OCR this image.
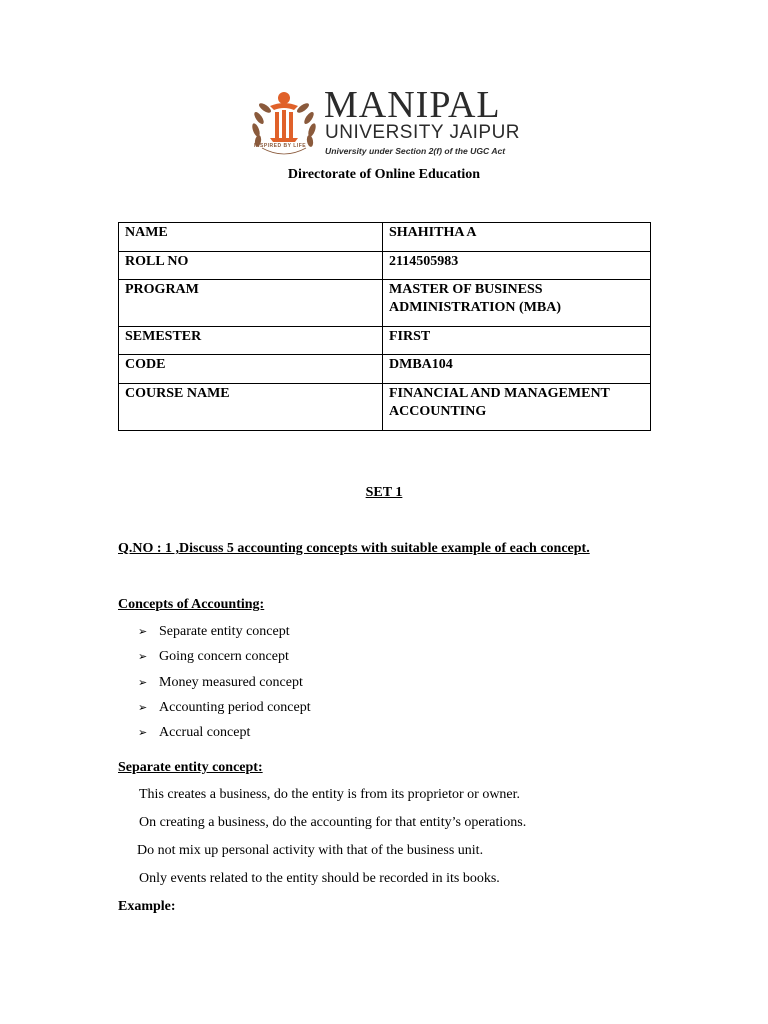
INSPIRED BY LIFE
MANIPAL
UNIVERSITY JAIPUR
University under Section 2(f) of the UGC Act
Directorate of Online Education
NAME	SHAHITHA A

ROLL NO	2114505983

PROGRAM	MASTER OF BUSINESS
ADMINISTRATION (MBA)

SEMESTER	FIRST

CODE	DMBA104

COURSE NAME	FINANCIAL AND MANAGEMENT
ACCOUNTING
SET 1
Q.NO : 1 ,Discuss 5 accounting concepts with suitable example of each concept.
Concepts of Accounting:
➢ Separate entity concept
➢ Going concern concept
➢ Money measured concept
➢ Accounting period concept
➢ Accrual concept
Separate entity concept:
This creates a business, do the entity is from its proprietor or owner.
On creating a business, do the accounting for that entity’s operations.
Do not mix up personal activity with that of the business unit.
Only events related to the entity should be recorded in its books.
Example:
